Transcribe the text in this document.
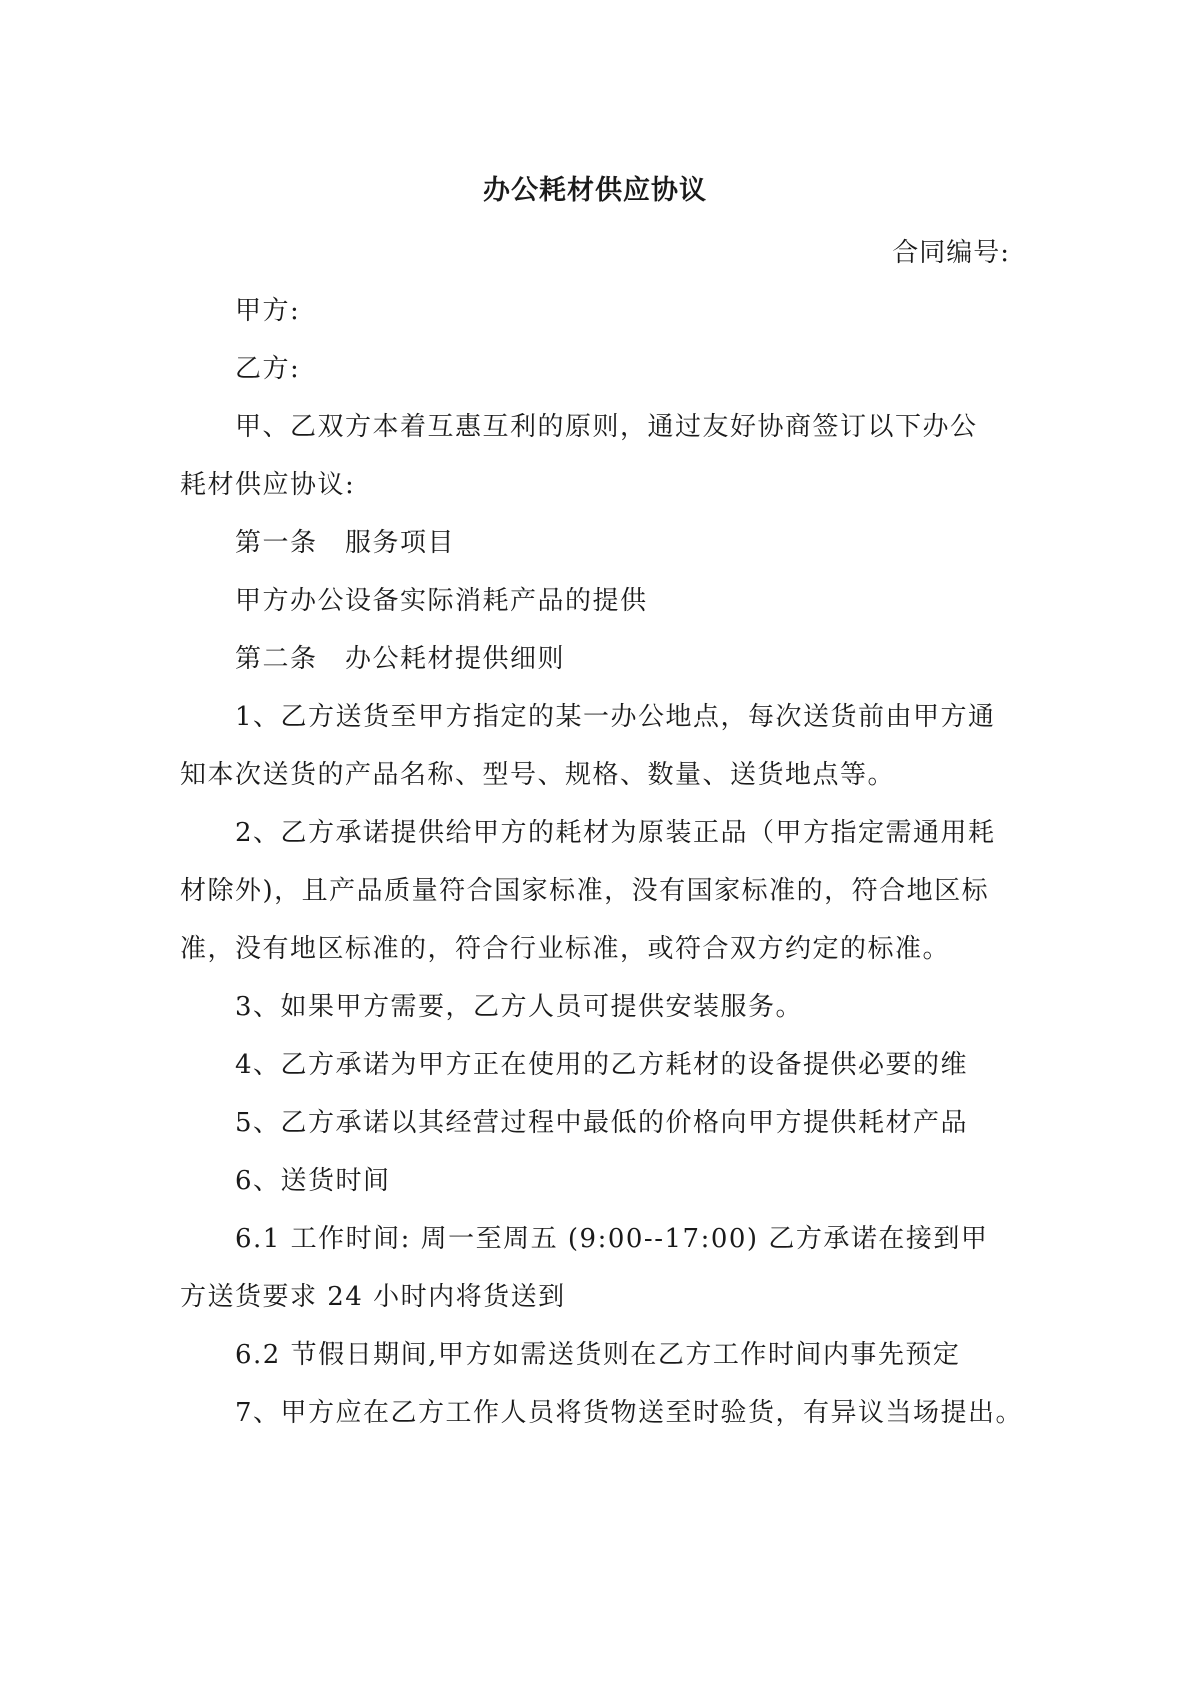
办公耗材供应协议
合同编号:
甲方:
乙方:
甲、乙双方本着互惠互利的原则，通过友好协商签订以下办公
耗材供应协议:
第一条　服务项目
甲方办公设备实际消耗产品的提供
第二条　办公耗材提供细则
1、乙方送货至甲方指定的某一办公地点，每次送货前由甲方通
知本次送货的产品名称、型号、规格、数量、送货地点等。
2、乙方承诺提供给甲方的耗材为原装正品（甲方指定需通用耗
材除外)，且产品质量符合国家标准，没有国家标准的，符合地区标
准，没有地区标准的，符合行业标准，或符合双方约定的标准。
3、如果甲方需要，乙方人员可提供安装服务。
4、乙方承诺为甲方正在使用的乙方耗材的设备提供必要的维
5、乙方承诺以其经营过程中最低的价格向甲方提供耗材产品
6、送货时间
6.1 工作时间: 周一至周五 (9:00--17:00) 乙方承诺在接到甲
方送货要求 24 小时内将货送到
6.2 节假日期间,甲方如需送货则在乙方工作时间内事先预定
7、甲方应在乙方工作人员将货物送至时验货，有异议当场提出。
